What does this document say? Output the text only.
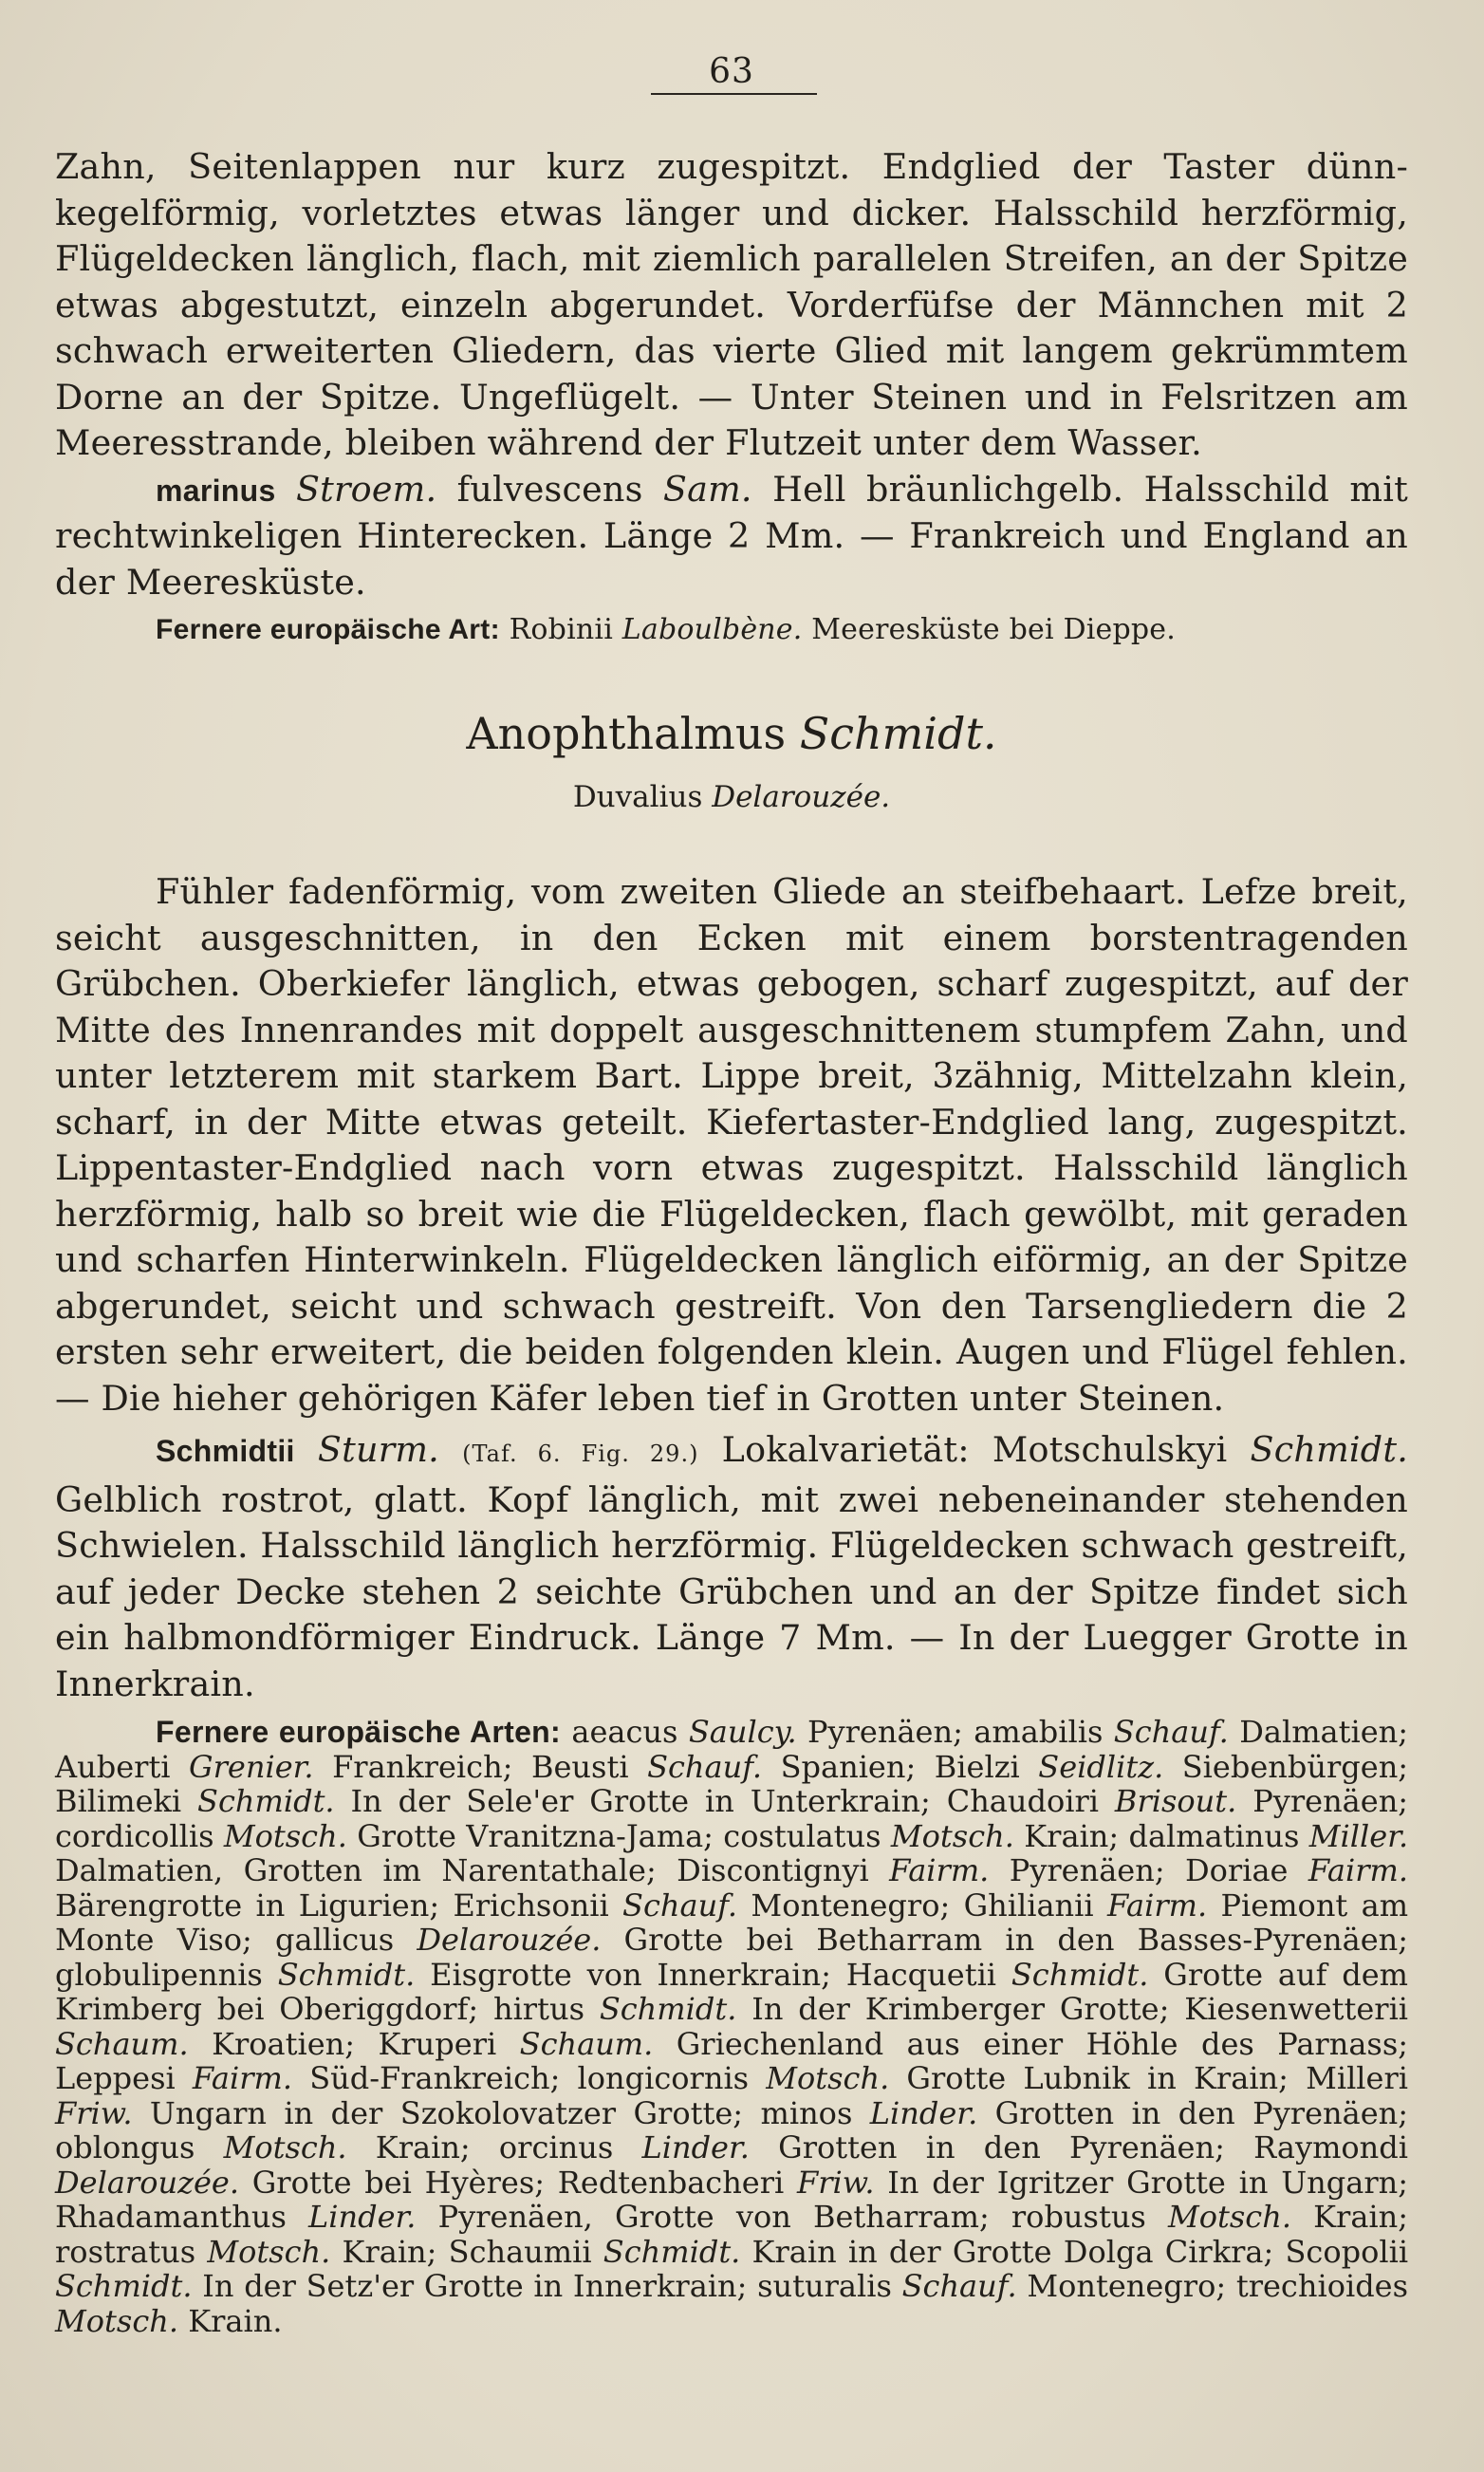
63

Zahn, Seitenlappen nur kurz zugespitzt. Endglied der Taster dünn-kegelförmig, vorletztes etwas länger und dicker. Halsschild herzförmig, Flügeldecken länglich, flach, mit ziemlich parallelen Streifen, an der Spitze etwas abgestutzt, einzeln abgerundet. Vorderfüfse der Männchen mit 2 schwach erweiterten Gliedern, das vierte Glied mit langem gekrümmtem Dorne an der Spitze. Ungeflügelt. — Unter Steinen und in Felsritzen am Meeresstrande, bleiben während der Flutzeit unter dem Wasser.

marinus Stroem. fulvescens Sam. Hell bräunlichgelb. Halsschild mit rechtwinkeligen Hinterecken. Länge 2 Mm. — Frankreich und England an der Meeresküste.

Fernere europäische Art: Robinii Laboulbène. Meeresküste bei Dieppe.

Anophthalmus Schmidt.
Duvalius Delarouzée.

Fühler fadenförmig, vom zweiten Gliede an steifbehaart. Lefze breit, seicht ausgeschnitten, in den Ecken mit einem borstentragenden Grübchen. Oberkiefer länglich, etwas gebogen, scharf zugespitzt, auf der Mitte des Innenrandes mit doppelt ausgeschnittenem stumpfem Zahn, und unter letzterem mit starkem Bart. Lippe breit, 3zähnig, Mittelzahn klein, scharf, in der Mitte etwas geteilt. Kiefertaster-Endglied lang, zugespitzt. Lippentaster-Endglied nach vorn etwas zugespitzt. Halsschild länglich herzförmig, halb so breit wie die Flügeldecken, flach gewölbt, mit geraden und scharfen Hinterwinkeln. Flügeldecken länglich eiförmig, an der Spitze abgerundet, seicht und schwach gestreift. Von den Tarsengliedern die 2 ersten sehr erweitert, die beiden folgenden klein. Augen und Flügel fehlen. — Die hieher gehörigen Käfer leben tief in Grotten unter Steinen.

Schmidtii Sturm. (Taf. 6. Fig. 29.) Lokalvarietät: Motschulskyi Schmidt. Gelblich rostrot, glatt. Kopf länglich, mit zwei nebeneinander stehenden Schwielen. Halsschild länglich herzförmig. Flügeldecken schwach gestreift, auf jeder Decke stehen 2 seichte Grübchen und an der Spitze findet sich ein halbmondförmiger Eindruck. Länge 7 Mm. — In der Luegger Grotte in Innerkrain.

Fernere europäische Arten: aeacus Saulcy. Pyrenäen; amabilis Schauf. Dalmatien; Auberti Grenier. Frankreich; Beusti Schauf. Spanien; Bielzi Seidlitz. Siebenbürgen; Bilimeki Schmidt. In der Sele'er Grotte in Unterkrain; Chaudoiri Brisout. Pyrenäen; cordicollis Motsch. Grotte Vranitzna-Jama; costulatus Motsch. Krain; dalmatinus Miller. Dalmatien, Grotten im Narentathale; Discontignyi Fairm. Pyrenäen; Doriae Fairm. Bärengrotte in Ligurien; Erichsonii Schauf. Montenegro; Ghilianii Fairm. Piemont am Monte Viso; gallicus Delarouzée. Grotte bei Betharram in den Basses-Pyrenäen; globulipennis Schmidt. Eisgrotte von Innerkrain; Hacquetii Schmidt. Grotte auf dem Krimberg bei Oberiggdorf; hirtus Schmidt. In der Krimberger Grotte; Kiesenwetterii Schaum. Kroatien; Kruperi Schaum. Griechenland aus einer Höhle des Parnass; Leppesi Fairm. Süd-Frankreich; longicornis Motsch. Grotte Lubnik in Krain; Milleri Friw. Ungarn in der Szokolovatzer Grotte; minos Linder. Grotten in den Pyrenäen; oblongus Motsch. Krain; orcinus Linder. Grotten in den Pyrenäen; Raymondi Delarouzée. Grotte bei Hyères; Redtenbacheri Friw. In der Igritzer Grotte in Ungarn; Rhadamanthus Linder. Pyrenäen, Grotte von Betharram; robustus Motsch. Krain; rostratus Motsch. Krain; Schaumii Schmidt. Krain in der Grotte Dolga Cirkra; Scopolii Schmidt. In der Setz'er Grotte in Innerkrain; suturalis Schauf. Montenegro; trechioides Motsch. Krain.
